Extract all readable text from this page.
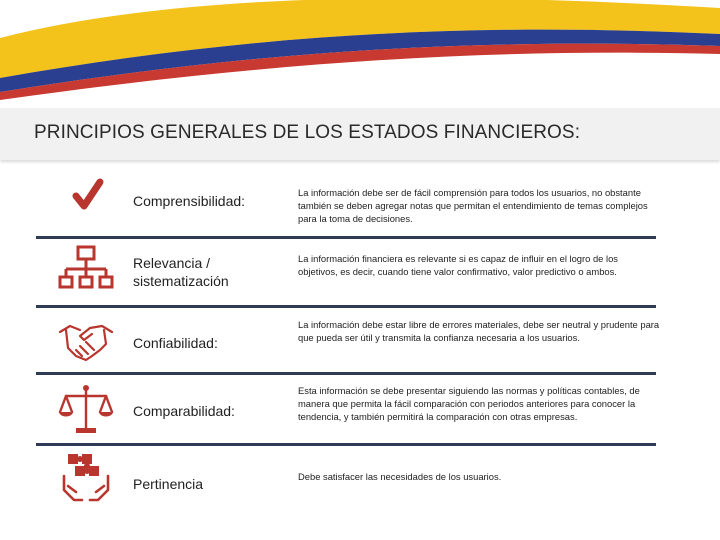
PRINCIPIOS GENERALES DE LOS ESTADOS FINANCIEROS:
Comprensibilidad:
La información debe ser de fácil comprensión para todos los usuarios, no obstante también se deben agregar notas que permitan el entendimiento de temas complejos para la toma de decisiones.
Relevancia / sistematización
La información financiera es relevante si es capaz de influir en el logro de los objetivos, es decir, cuando tiene valor confirmativo, valor predictivo o ambos.
Confiabilidad:
La información debe estar libre de errores materiales, debe ser neutral y prudente para que pueda ser útil y transmita la confianza necesaria a los usuarios.
Comparabilidad:
Esta información se debe presentar siguiendo las normas y políticas contables, de manera que permita la fácil comparación con periodos anteriores para conocer la tendencia, y también permitirá la comparación con otras empresas.
Pertinencia	Debe satisfacer las necesidades de los usuarios.
